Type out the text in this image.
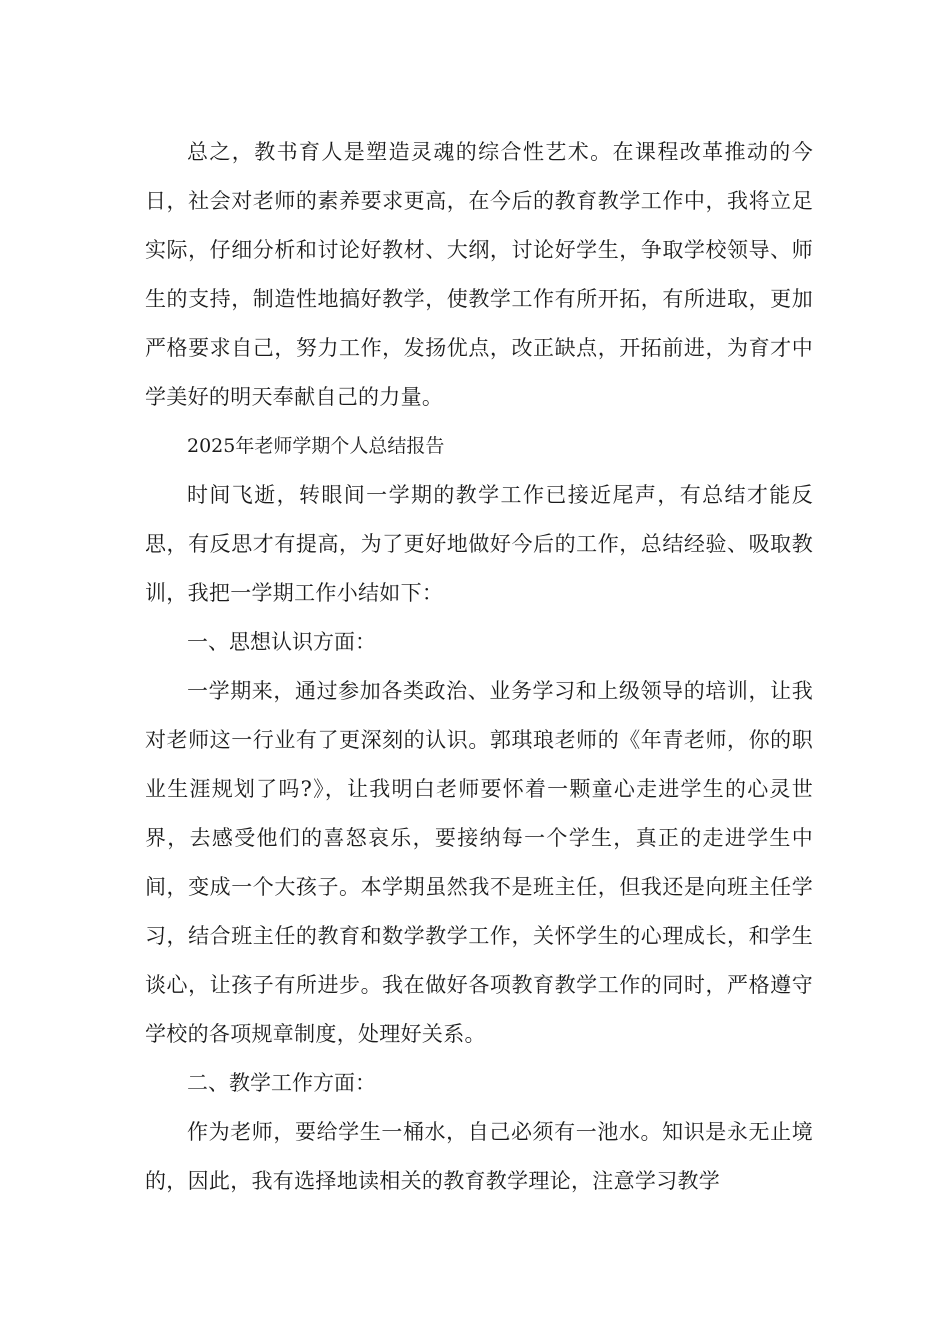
总之，教书育人是塑造灵魂的综合性艺术。在课程改革推动的今日，社会对老师的素养要求更高，在今后的教育教学工作中，我将立足实际，仔细分析和讨论好教材、大纲，讨论好学生，争取学校领导、师生的支持，制造性地搞好教学，使教学工作有所开拓，有所进取，更加严格要求自己，努力工作，发扬优点，改正缺点，开拓前进，为育才中学美好的明天奉献自己的力量。

2025年老师学期个人总结报告

时间飞逝，转眼间一学期的教学工作已接近尾声，有总结才能反思，有反思才有提高，为了更好地做好今后的工作，总结经验、吸取教训，我把一学期工作小结如下：

一、思想认识方面：

一学期来，通过参加各类政治、业务学习和上级领导的培训，让我对老师这一行业有了更深刻的认识。郭琪琅老师的《年青老师，你的职业生涯规划了吗?》，让我明白老师要怀着一颗童心走进学生的心灵世界，去感受他们的喜怒哀乐，要接纳每一个学生，真正的走进学生中间，变成一个大孩子。本学期虽然我不是班主任，但我还是向班主任学习，结合班主任的教育和数学教学工作，关怀学生的心理成长，和学生谈心，让孩子有所进步。我在做好各项教育教学工作的同时，严格遵守学校的各项规章制度，处理好关系。

二、教学工作方面：

作为老师，要给学生一桶水，自己必须有一池水。知识是永无止境的，因此，我有选择地读相关的教育教学理论，注意学习教学
